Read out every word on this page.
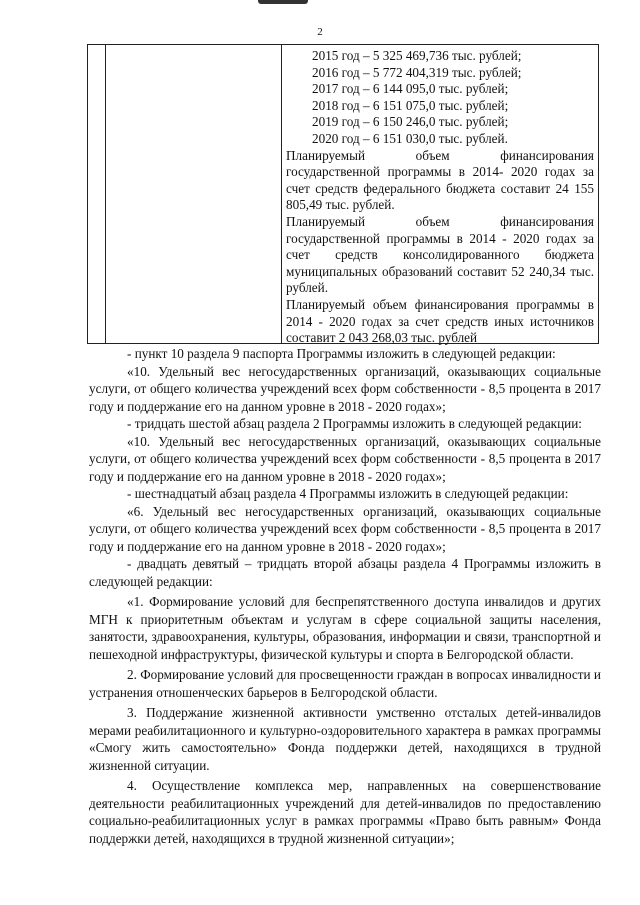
2
2015 год – 5 325 469,736 тыс. рублей;
2016 год – 5 772 404,319 тыс. рублей;
2017 год – 6 144 095,0 тыс. рублей;
2018 год – 6 151 075,0 тыс. рублей;
2019 год – 6 150 246,0 тыс. рублей;
2020 год – 6 151 030,0 тыс. рублей.
Планируемый объем финансирования государственной программы в 2014- 2020 годах за счет средств федерального бюджета составит 24 155 805,49 тыс. рублей.
Планируемый объем финансирования государственной программы в 2014 - 2020 годах за счет средств консолидированного бюджета муниципальных образований составит 52 240,34 тыс. рублей.
Планируемый объем финансирования программы в 2014 - 2020 годах за счет средств иных источников составит 2 043 268,03 тыс. рублей

- пункт 10 раздела 9 паспорта Программы изложить в следующей редакции:

«10. Удельный вес негосударственных организаций, оказывающих социальные услуги, от общего количества учреждений всех форм собственности - 8,5 процента в 2017 году и поддержание его на данном уровне в 2018 - 2020 годах»;

- тридцать шестой абзац раздела 2 Программы изложить в следующей редакции:

«10. Удельный вес негосударственных организаций, оказывающих социальные услуги, от общего количества учреждений всех форм собственности - 8,5 процента в 2017 году и поддержание его на данном уровне в 2018 - 2020 годах»;

- шестнадцатый абзац раздела 4 Программы изложить в следующей редакции:

«6. Удельный вес негосударственных организаций, оказывающих социальные услуги, от общего количества учреждений всех форм собственности - 8,5 процента в 2017 году и поддержание его на данном уровне в 2018 - 2020 годах»;

- двадцать девятый – тридцать второй абзацы раздела 4 Программы изложить в следующей редакции:

«1. Формирование условий для беспрепятственного доступа инвалидов и других МГН к приоритетным объектам и услугам в сфере социальной защиты населения, занятости, здравоохранения, культуры, образования, информации и связи, транспортной и пешеходной инфраструктуры, физической культуры и спорта в Белгородской области.

2. Формирование условий для просвещенности граждан в вопросах инвалидности и устранения отношенческих барьеров в Белгородской области.

3. Поддержание жизненной активности умственно отсталых детей-инвалидов мерами реабилитационного и культурно-оздоровительного характера в рамках программы «Смогу жить самостоятельно» Фонда поддержки детей, находящихся в трудной жизненной ситуации.

4. Осуществление комплекса мер, направленных на совершенствование деятельности реабилитационных учреждений для детей-инвалидов по предоставлению социально-реабилитационных услуг в рамках программы «Право быть равным» Фонда поддержки детей, находящихся в трудной жизненной ситуации»;
